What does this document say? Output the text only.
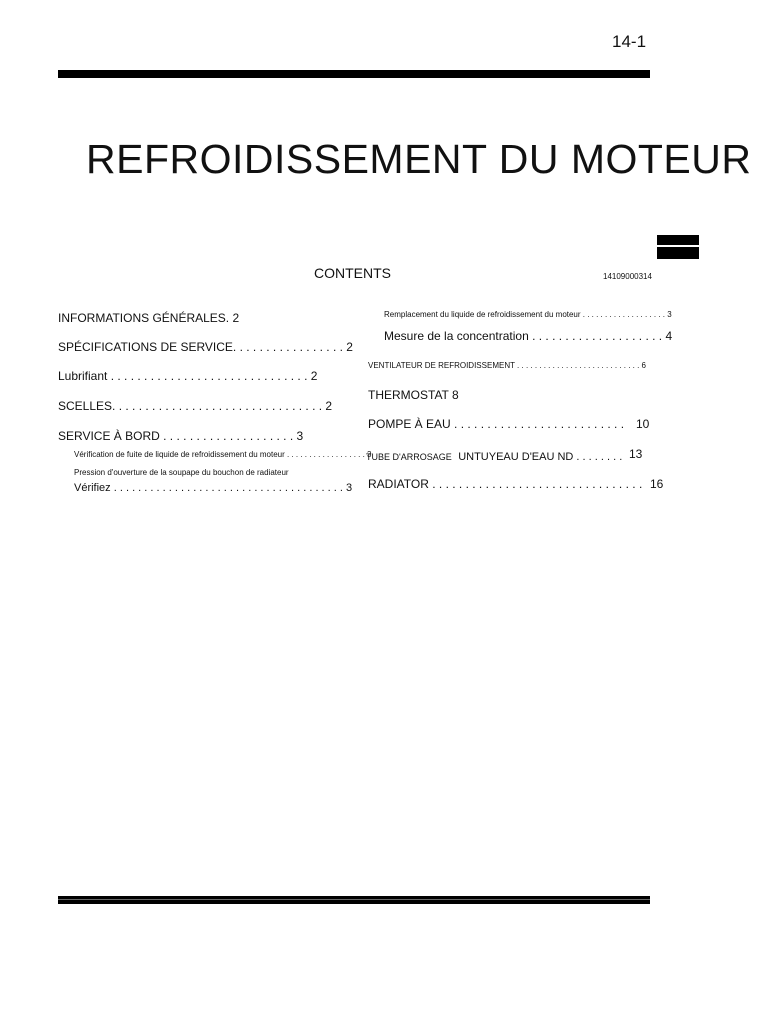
14-1
REFROIDISSEMENT DU MOTEUR
CONTENTS	14109000314
INFORMATIONS GÉNÉRALES. 2
SPÉCIFICATIONS DE SERVICE. . . . . . . . . . . . . . . . . 2
Lubrifiant . . . . . . . . . . . . . . . . . . . . . . . . . . . . . . 2
SCELLES. . . . . . . . . . . . . . . . . . . . . . . . . . . . . . . . 2
SERVICE À BORD . . . . . . . . . . . . . . . . . . . . 3
Vérification de fuite de liquide de refroidissement du moteur . . . . . . . . . . . . . . . . . . 3
Pression d'ouverture de la soupape du bouchon de radiateur
Vérifiez . . . . . . . . . . . . . . . . . . . . . . . . . . . . . . . . . . . . . . 3
Remplacement du liquide de refroidissement du moteur . . . . . . . . . . . . . . . . . . . 3
Mesure de la concentration . . . . . . . . . . . . . . . . . . . . 4
VENTILATEUR DE REFROIDISSEMENT . . . . . . . . . . . . . . . . . . . . . . . . . . . . 6
THERMOSTAT 8
POMPE À EAU . . . . . . . . . . . . . . . . . . . . . . . . . . 10
TUBE D'ARROSAGE UNTUYEAU D'EAU ND . . . . . . . . 13
RADIATOR . . . . . . . . . . . . . . . . . . . . . . . . . . . . . . . . 16
